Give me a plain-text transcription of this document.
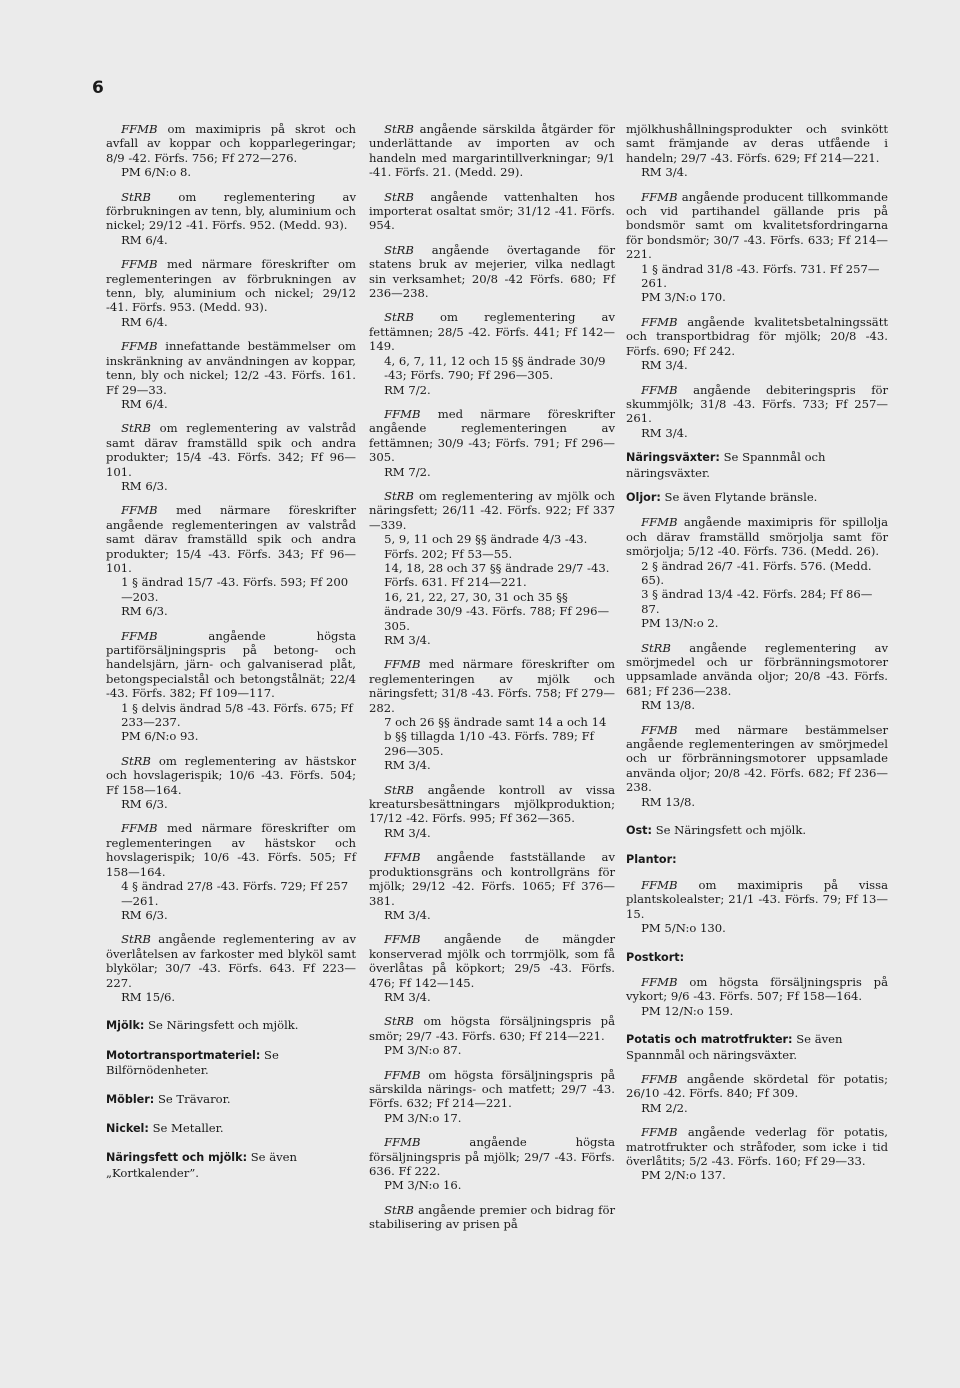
6
FFMB om maximipris på skrot och avfall av koppar och kopparlegeringar; 8/9 -42. Förfs. 756; Ff 272—276.
PM 6/N:o 8.
StRB om reglementering av förbrukningen av tenn, bly, aluminium och nickel; 29/12 -41. Förfs. 952. (Medd. 93).
RM 6/4.
FFMB med närmare föreskrifter om reglementeringen av förbrukningen av tenn, bly, aluminium och nickel; 29/12 -41. Förfs. 953. (Medd. 93).
RM 6/4.
FFMB innefattande bestämmelser om inskränkning av användningen av koppar, tenn, bly och nickel; 12/2 -43. Förfs. 161. Ff 29—33.
RM 6/4.
StRB om reglementering av valstråd samt därav framställd spik och andra produkter; 15/4 -43. Förfs. 342; Ff 96—101.
RM 6/3.
FFMB med närmare föreskrifter angående reglementeringen av valstråd samt därav framställd spik och andra produkter; 15/4 -43. Förfs. 343; Ff 96—101.
1 § ändrad 15/7 -43. Förfs. 593; Ff 200—203.
RM 6/3.
FFMB	angående högsta partiförsäljningspris på betong- och handelsjärn, järn- och galvaniserad plåt, betongspecialstål och betongstålnät; 22/4 -43. Förfs. 382; Ff 109—117.
1 § delvis ändrad 5/8 -43. Förfs. 675; Ff 233—237.
PM 6/N:o 93.
StRB om reglementering av hästskor och hovslagerispik; 10/6 -43. Förfs. 504; Ff 158—164.
RM 6/3.
FFMB med närmare föreskrifter om reglementeringen av hästskor och hovslagerispik; 10/6 -43. Förfs. 505; Ff 158—164.
4 § ändrad 27/8 -43. Förfs. 729; Ff 257—261.
RM 6/3.
StRB angående reglementering av av överlåtelsen av farkoster med blyköl samt blykölar; 30/7 -43. Förfs. 643. Ff 223—227.
RM 15/6.
Mjölk: Se Näringsfett och mjölk.
Motortransportmateriel: Se Bilförnödenheter.
Möbler: Se Trävaror.
Nickel: Se Metaller.
Näringsfett och mjölk: Se även „Kortkalender”.
StRB angående särskilda åtgärder för underlättande av importen av och handeln med margarintillverkningar; 9/1 -41. Förfs. 21. (Medd. 29).
StRB angående vattenhalten hos importerat osaltat smör; 31/12 -41. Förfs. 954.
StRB angående övertagande för statens bruk av mejerier, vilka nedlagt sin verksamhet; 20/8 -42 Förfs. 680; Ff 236—238.
StRB om reglementering av fettämnen; 28/5 -42. Förfs. 441; Ff 142—149.
4, 6, 7, 11, 12 och 15 §§ ändrade 30/9 -43; Förfs. 790; Ff 296—305.
RM 7/2.
FFMB med närmare föreskrifter angående reglementeringen av fettämnen; 30/9 -43; Förfs. 791; Ff 296—305.
RM 7/2.
StRB om reglementering av mjölk och näringsfett; 26/11 -42. Förfs. 922; Ff 337—339.
5, 9, 11 och 29 §§ ändrade 4/3 -43. Förfs. 202; Ff 53—55.
14, 18, 28 och 37 §§ ändrade 29/7 -43. Förfs. 631. Ff 214—221.
16, 21, 22, 27, 30, 31 och 35 §§ ändrade 30/9 -43. Förfs. 788; Ff 296—305.
RM 3/4.
FFMB med närmare föreskrifter om reglementeringen av mjölk och näringsfett; 31/8 -43. Förfs. 758; Ff 279—282.
7 och 26 §§ ändrade samt 14 a och 14 b §§ tillagda 1/10 -43. Förfs. 789; Ff 296—305.
RM 3/4.
StRB angående kontroll av vissa kreatursbesättningars mjölkproduktion; 17/12 -42. Förfs. 995; Ff 362—365.
RM 3/4.
FFMB angående fastställande av produktionsgräns och kontrollgräns för mjölk; 29/12 -42. Förfs. 1065; Ff 376—381.
RM 3/4.
FFMB angående de mängder konserverad mjölk och torrmjölk, som få överlåtas på köpkort; 29/5 -43. Förfs. 476; Ff 142—145.
RM 3/4.
StRB om högsta försäljningspris på smör; 29/7 -43. Förfs. 630; Ff 214—221.
PM 3/N:o 87.
FFMB om högsta försäljningspris på särskilda närings- och matfett; 29/7 -43. Förfs. 632; Ff 214—221.
PM 3/N:o 17.
FFMB	angående högsta försäljningspris på mjölk; 29/7 -43. Förfs. 636. Ff 222.
PM 3/N:o 16.
StRB angående premier och bidrag för stabilisering av prisen på
mjölkhushållningsprodukter och svinkött samt främjande av deras utfående i handeln; 29/7 -43. Förfs. 629; Ff 214—221.
RM 3/4.
FFMB angående producent tillkommande och vid partihandel gällande pris på bondsmör samt om kvalitetsfordringarna för bondsmör; 30/7 -43. Förfs. 633; Ff 214—221.
1 § ändrad 31/8 -43. Förfs. 731. Ff 257—261.
PM 3/N:o 170.
FFMB angående kvalitetsbetalningssätt och transportbidrag för mjölk; 20/8 -43. Förfs. 690; Ff 242.
RM 3/4.
FFMB angående debiteringspris för skummjölk; 31/8 -43. Förfs. 733; Ff 257—261.
RM 3/4.
Näringsväxter: Se Spannmål och näringsväxter.
Oljor: Se även Flytande bränsle.
FFMB angående maximipris för spillolja och därav framställd smörjolja samt för smörjolja; 5/12 -40. Förfs. 736. (Medd. 26).
2 § ändrad 26/7 -41. Förfs. 576. (Medd. 65).
3 § ändrad 13/4 -42. Förfs. 284; Ff 86—87.
PM 13/N:o 2.
StRB angående reglementering av smörjmedel och ur förbränningsmotorer uppsamlade använda oljor; 20/8 -43. Förfs. 681; Ff 236—238.
RM 13/8.
FFMB med närmare bestämmelser angående reglementeringen av smörjmedel och ur förbränningsmotorer uppsamlade använda oljor; 20/8 -42. Förfs. 682; Ff 236—238.
RM 13/8.
Ost: Se Näringsfett och mjölk.
Plantor:
FFMB om maximipris på vissa plantskolealster; 21/1 -43. Förfs. 79; Ff 13—15.
PM 5/N:o 130.
Postkort:
FFMB om högsta försäljningspris på vykort; 9/6 -43. Förfs. 507; Ff 158—164.
PM 12/N:o 159.
Potatis och matrotfrukter: Se även Spannmål och näringsväxter.
FFMB angående skördetal för potatis; 26/10 -42. Förfs. 840; Ff 309.
RM 2/2.
FFMB angående vederlag för potatis, matrotfrukter och stråfoder, som icke i tid överlåtits; 5/2 -43. Förfs. 160; Ff 29—33.
PM 2/N:o 137.
